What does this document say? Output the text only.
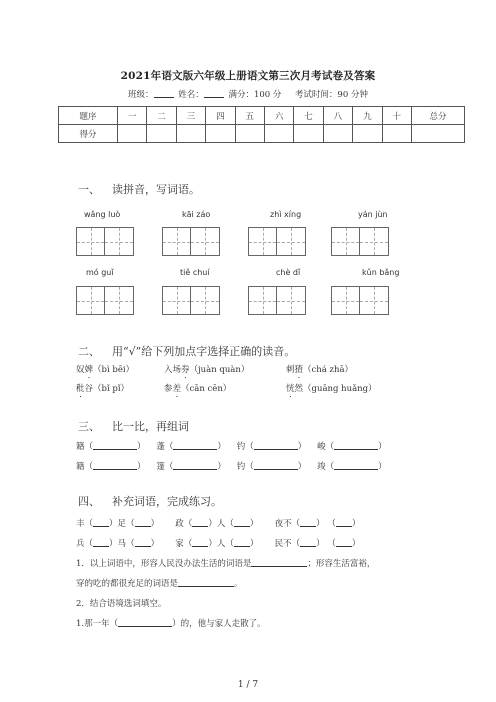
2021年语文版六年级上册语文第三次月考试卷及答案
班级：	姓名：	满分：100 分 考试时间：90 分钟
题序	一	二	三	四	五	六	七	八	九	十	总分
得分											
一、 读拼音，写词语。
wǎng luò	kāi záo	zhì xíng	yán jùn
mó guǐ	tiě chuí	chè dǐ	kǔn bǎng
二、 用“√”给下列加点字选择正确的读音。
奴婢（bì bēi）	入场券（juàn quàn）	刺猹（chá zhā）
秕谷（bǐ pǐ）	参差（cān cēn）	恍然（guāng huǎng）
三、 比一比，再组词
籍（	） 蓬（	） 钓（	） 峻（	）
籍（	） 篷（	） 钓（	） 竣（	）
四、 补充词语，完成练习。
丰（ ）足（ ）      政（ ）人（ ）      夜不（ ） （ ）
兵（ ）马（ ）      家（ ）人（ ）      民不（ ） （ ）
1．以上词语中，形容人民没办法生活的词语是	；形容生活富裕，
穿的吃的都很充足的词语是	。
2．结合语境选词填空。
1.那一年（	）的，他与家人走散了。
1 / 7
